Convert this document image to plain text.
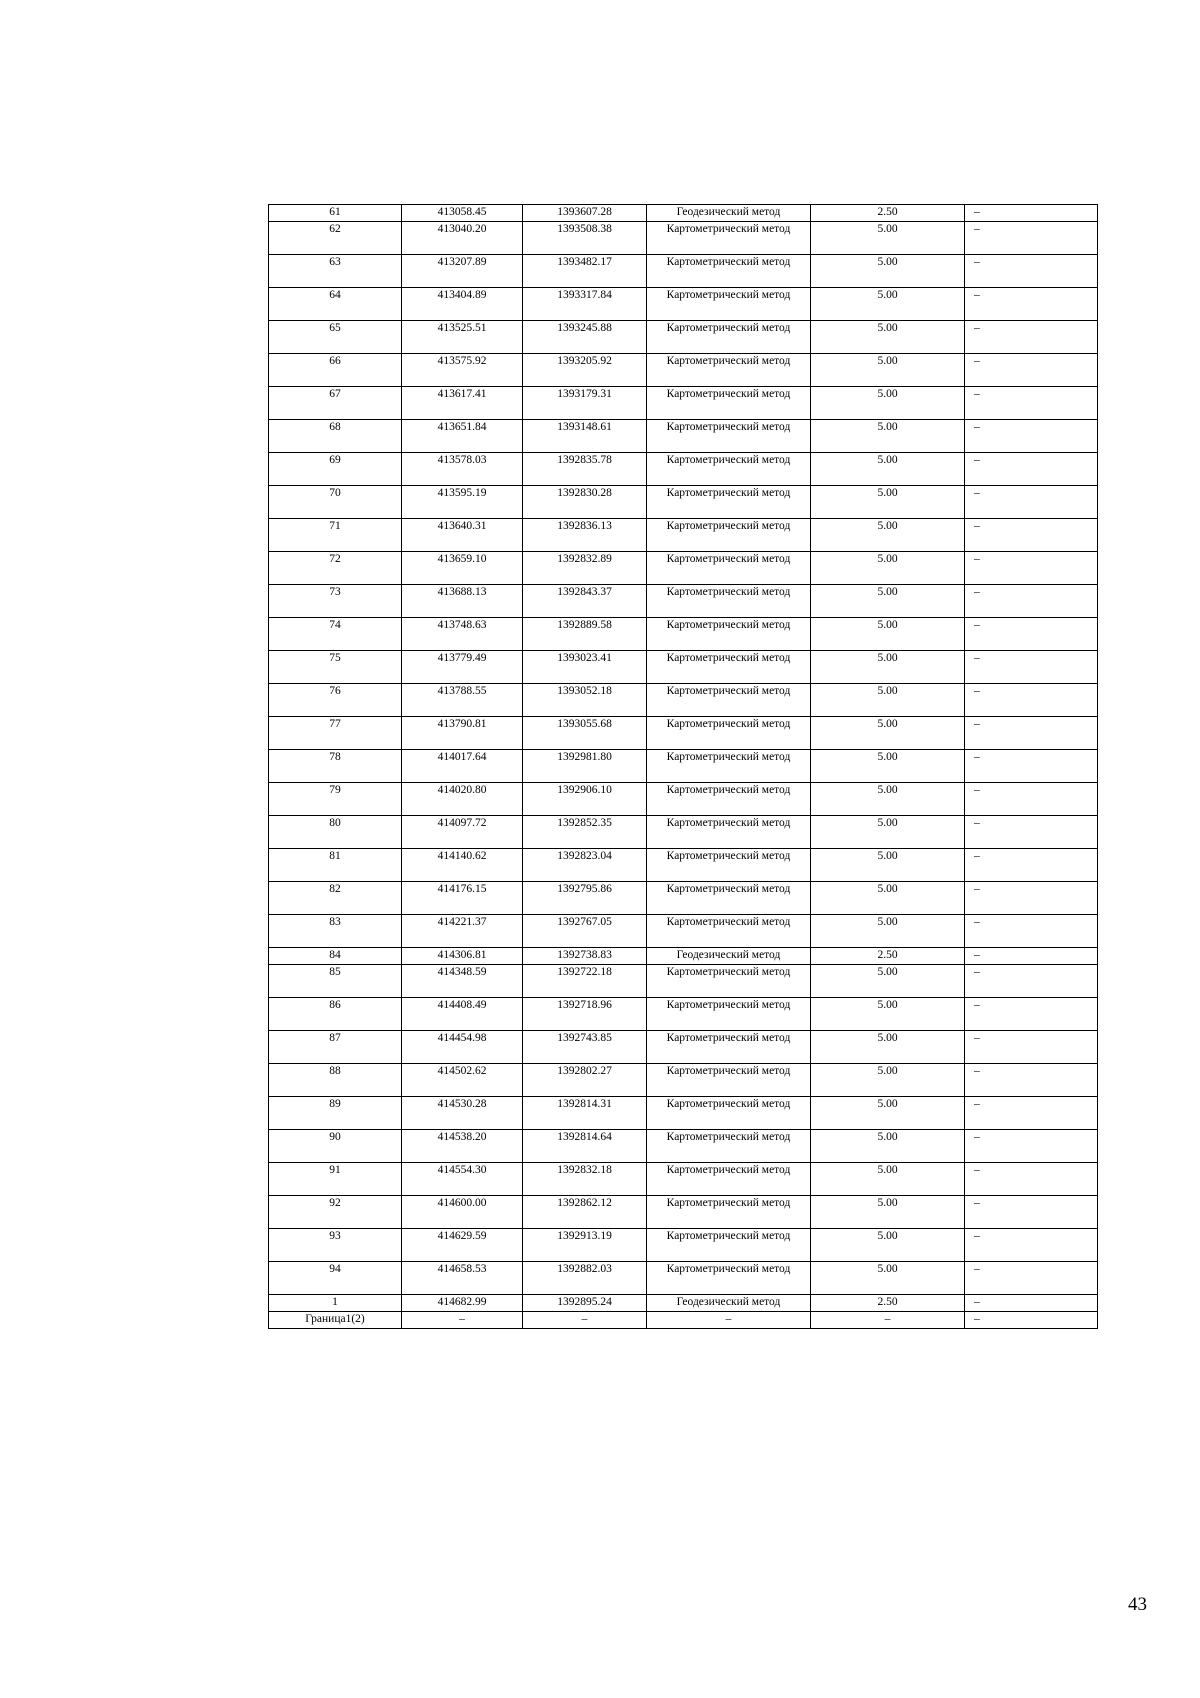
61	413058.45	1393607.28	Геодезический метод	2.50	–
62	413040.20	1393508.38	Картометрический метод	5.00	–
63	413207.89	1393482.17	Картометрический метод	5.00	–
64	413404.89	1393317.84	Картометрический метод	5.00	–
65	413525.51	1393245.88	Картометрический метод	5.00	–
66	413575.92	1393205.92	Картометрический метод	5.00	–
67	413617.41	1393179.31	Картометрический метод	5.00	–
68	413651.84	1393148.61	Картометрический метод	5.00	–
69	413578.03	1392835.78	Картометрический метод	5.00	–
70	413595.19	1392830.28	Картометрический метод	5.00	–
71	413640.31	1392836.13	Картометрический метод	5.00	–
72	413659.10	1392832.89	Картометрический метод	5.00	–
73	413688.13	1392843.37	Картометрический метод	5.00	–
74	413748.63	1392889.58	Картометрический метод	5.00	–
75	413779.49	1393023.41	Картометрический метод	5.00	–
76	413788.55	1393052.18	Картометрический метод	5.00	–
77	413790.81	1393055.68	Картометрический метод	5.00	–
78	414017.64	1392981.80	Картометрический метод	5.00	–
79	414020.80	1392906.10	Картометрический метод	5.00	–
80	414097.72	1392852.35	Картометрический метод	5.00	–
81	414140.62	1392823.04	Картометрический метод	5.00	–
82	414176.15	1392795.86	Картометрический метод	5.00	–
83	414221.37	1392767.05	Картометрический метод	5.00	–
84	414306.81	1392738.83	Геодезический метод	2.50	–
85	414348.59	1392722.18	Картометрический метод	5.00	–
86	414408.49	1392718.96	Картометрический метод	5.00	–
87	414454.98	1392743.85	Картометрический метод	5.00	–
88	414502.62	1392802.27	Картометрический метод	5.00	–
89	414530.28	1392814.31	Картометрический метод	5.00	–
90	414538.20	1392814.64	Картометрический метод	5.00	–
91	414554.30	1392832.18	Картометрический метод	5.00	–
92	414600.00	1392862.12	Картометрический метод	5.00	–
93	414629.59	1392913.19	Картометрический метод	5.00	–
94	414658.53	1392882.03	Картометрический метод	5.00	–
1	414682.99	1392895.24	Геодезический метод	2.50	–
Граница1(2)	–	–	–	–	–
43
